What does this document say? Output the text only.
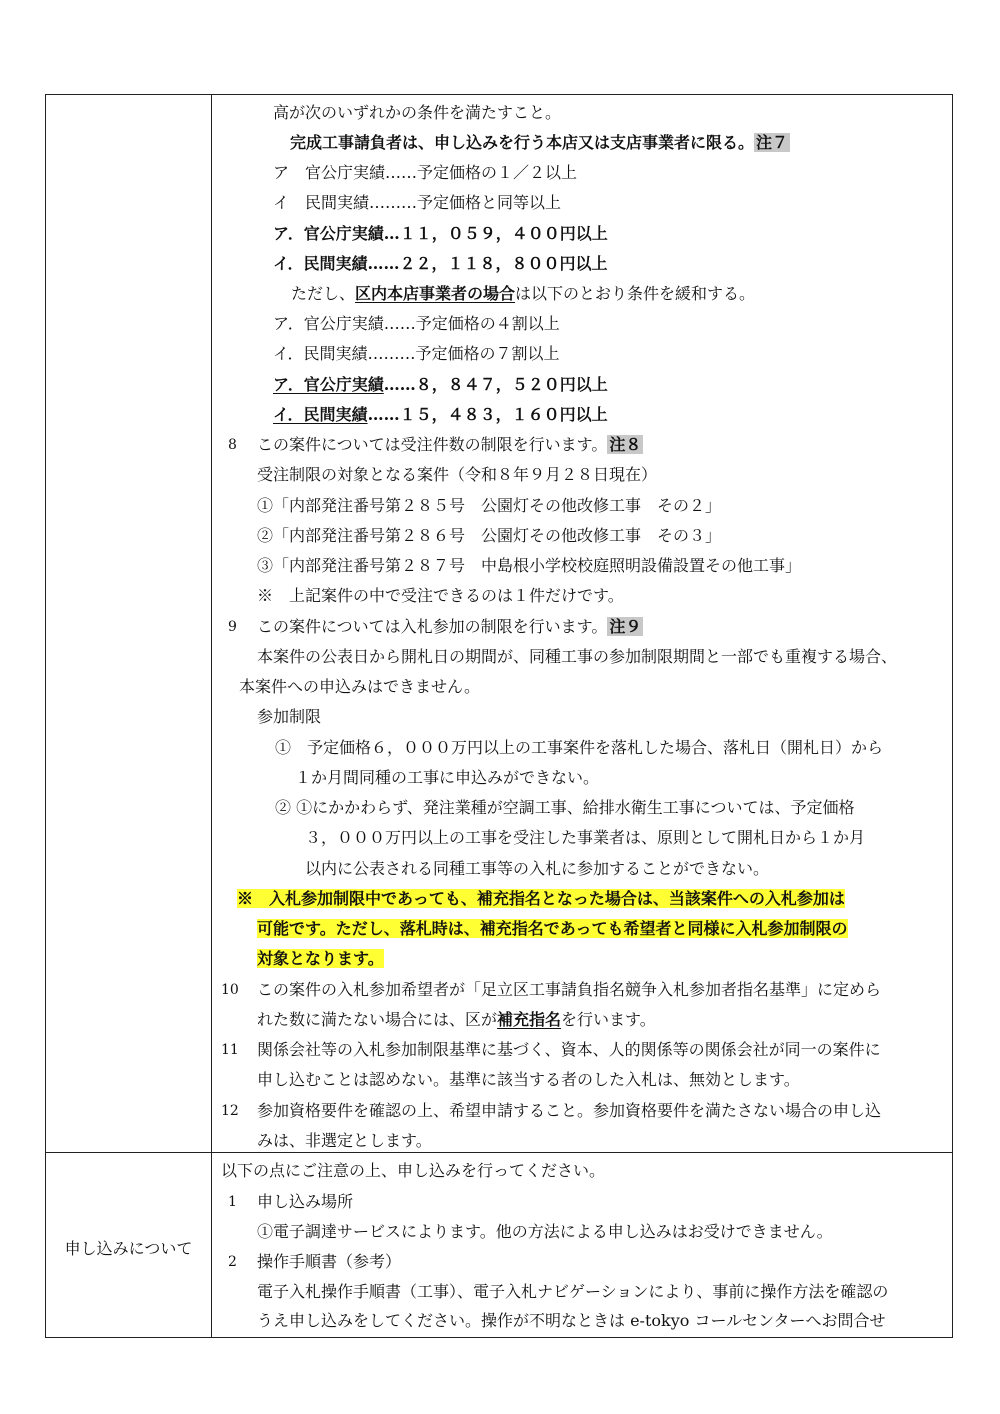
高が次のいずれかの条件を満たすこと。
完成工事請負者は、申し込みを行う本店又は支店事業者に限る。 注７
ア　官公庁実績……予定価格の１／２以上
イ　民間実績………予定価格と同等以上
ア．官公庁実績…１１，０５９，４００円以上
イ．民間実績……２２，１１８，８００円以上
ただし、区内本店事業者の場合は以下のとおり条件を緩和する。
ア．官公庁実績……予定価格の４割以上
イ．民間実績………予定価格の７割以上
ア．官公庁実績……８，８４７，５２０円以上
イ．民間実績……１５，４８３，１６０円以上
8 この案件については受注件数の制限を行います。 注８
受注制限の対象となる案件（令和８年９月２８日現在）
①「内部発注番号第２８５号　公園灯その他改修工事　その２」
②「内部発注番号第２８６号　公園灯その他改修工事　その３」
③「内部発注番号第２８７号　中島根小学校校庭照明設備設置その他工事」
※　上記案件の中で受注できるのは１件だけです。
9 この案件については入札参加の制限を行います。 注９
本案件の公表日から開札日の期間が、同種工事の参加制限期間と一部でも重複する場合、
本案件への申込みはできません。
参加制限
①　予定価格６，０００万円以上の工事案件を落札した場合、落札日（開札日）から
１か月間同種の工事に申込みができない。
② ①にかかわらず、発注業種が空調工事、給排水衛生工事については、予定価格
３，０００万円以上の工事を受注した事業者は、原則として開札日から１か月
以内に公表される同種工事等の入札に参加することができない。
※　入札参加制限中であっても、補充指名となった場合は、当該案件への入札参加は
可能です。ただし、落札時は、補充指名であっても希望者と同様に入札参加制限の
対象となります。
10 この案件の入札参加希望者が「足立区工事請負指名競争入札参加者指名基準」に定めら
れた数に満たない場合には、区が補充指名を行います。
11 関係会社等の入札参加制限基準に基づく、資本、人的関係等の関係会社が同一の案件に
申し込むことは認めない。基準に該当する者のした入札は、無効とします。
12 参加資格要件を確認の上、希望申請すること。参加資格要件を満たさない場合の申し込
みは、非選定とします。
申し込みについて
以下の点にご注意の上、申し込みを行ってください。
1 申し込み場所
①電子調達サービスによります。他の方法による申し込みはお受けできません。
2 操作手順書（参考）
電子入札操作手順書（工事）、電子入札ナビゲーションにより、事前に操作方法を確認の
うえ申し込みをしてください。操作が不明なときは e-tokyo コールセンターへお問合せ
